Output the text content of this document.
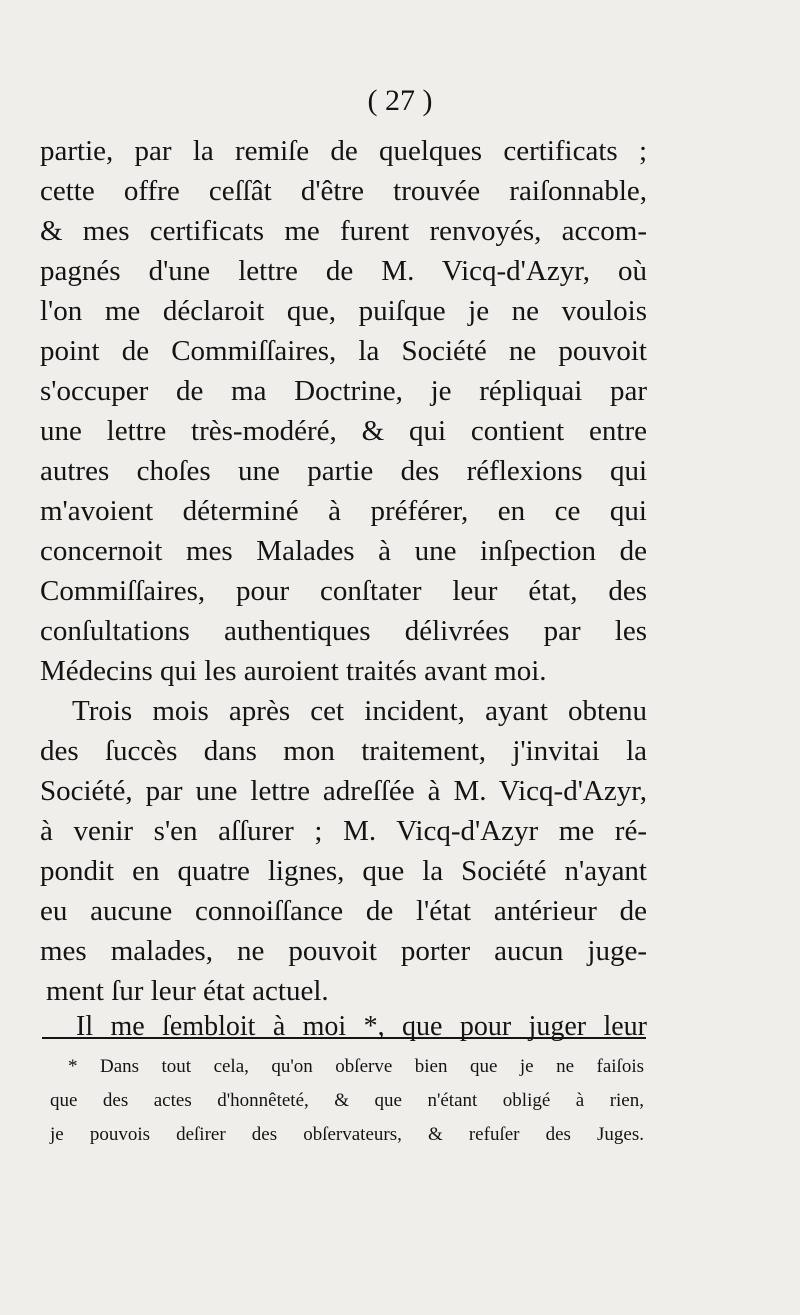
( 27 )
partie, par la remiſe de quelques certificats ;
cette offre ceſſât d'être trouvée raiſonnable,
& mes certificats me furent renvoyés, accom-
pagnés d'une lettre de M. Vicq-d'Azyr, où
l'on me déclaroit que, puiſque je ne voulois
point de Commiſſaires, la Société ne pouvoit
s'occuper de ma Doctrine, je répliquai par
une lettre très-modéré, & qui contient entre
autres choſes une partie des réflexions qui
m'avoient déterminé à préférer, en ce qui
concernoit mes Malades à une inſpection de
Commiſſaires, pour conſtater leur état, des
conſultations authentiques délivrées par les
Médecins qui les auroient traités avant moi.
Trois mois après cet incident, ayant obtenu
des ſuccès dans mon traitement, j'invitai la
Société, par une lettre adreſſée à M. Vicq-d'Azyr,
à venir s'en aſſurer ; M. Vicq-d'Azyr me ré-
pondit en quatre lignes, que la Société n'ayant
eu aucune connoiſſance de l'état antérieur de
mes malades, ne pouvoit porter aucun juge-
ment ſur leur état actuel.
Il me ſembloit à moi *, que pour juger leur
* Dans tout cela, qu'on obſerve bien que je ne faiſois
que des actes d'honnêteté, & que n'étant obligé à rien,
je pouvois deſirer des obſervateurs, & refuſer des Juges.
